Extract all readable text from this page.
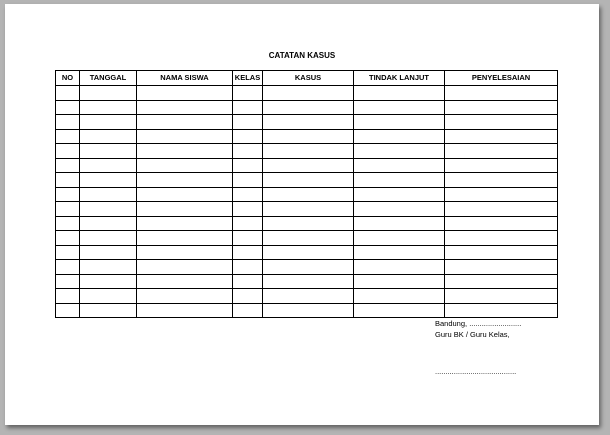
CATATAN KASUS
NO	TANGGAL	NAMA SISWA	KELAS	KASUS	TINDAK LANJUT	PENYELESAIAN

Bandung, .........................
Guru BK / Guru Kelas,
.......................................
